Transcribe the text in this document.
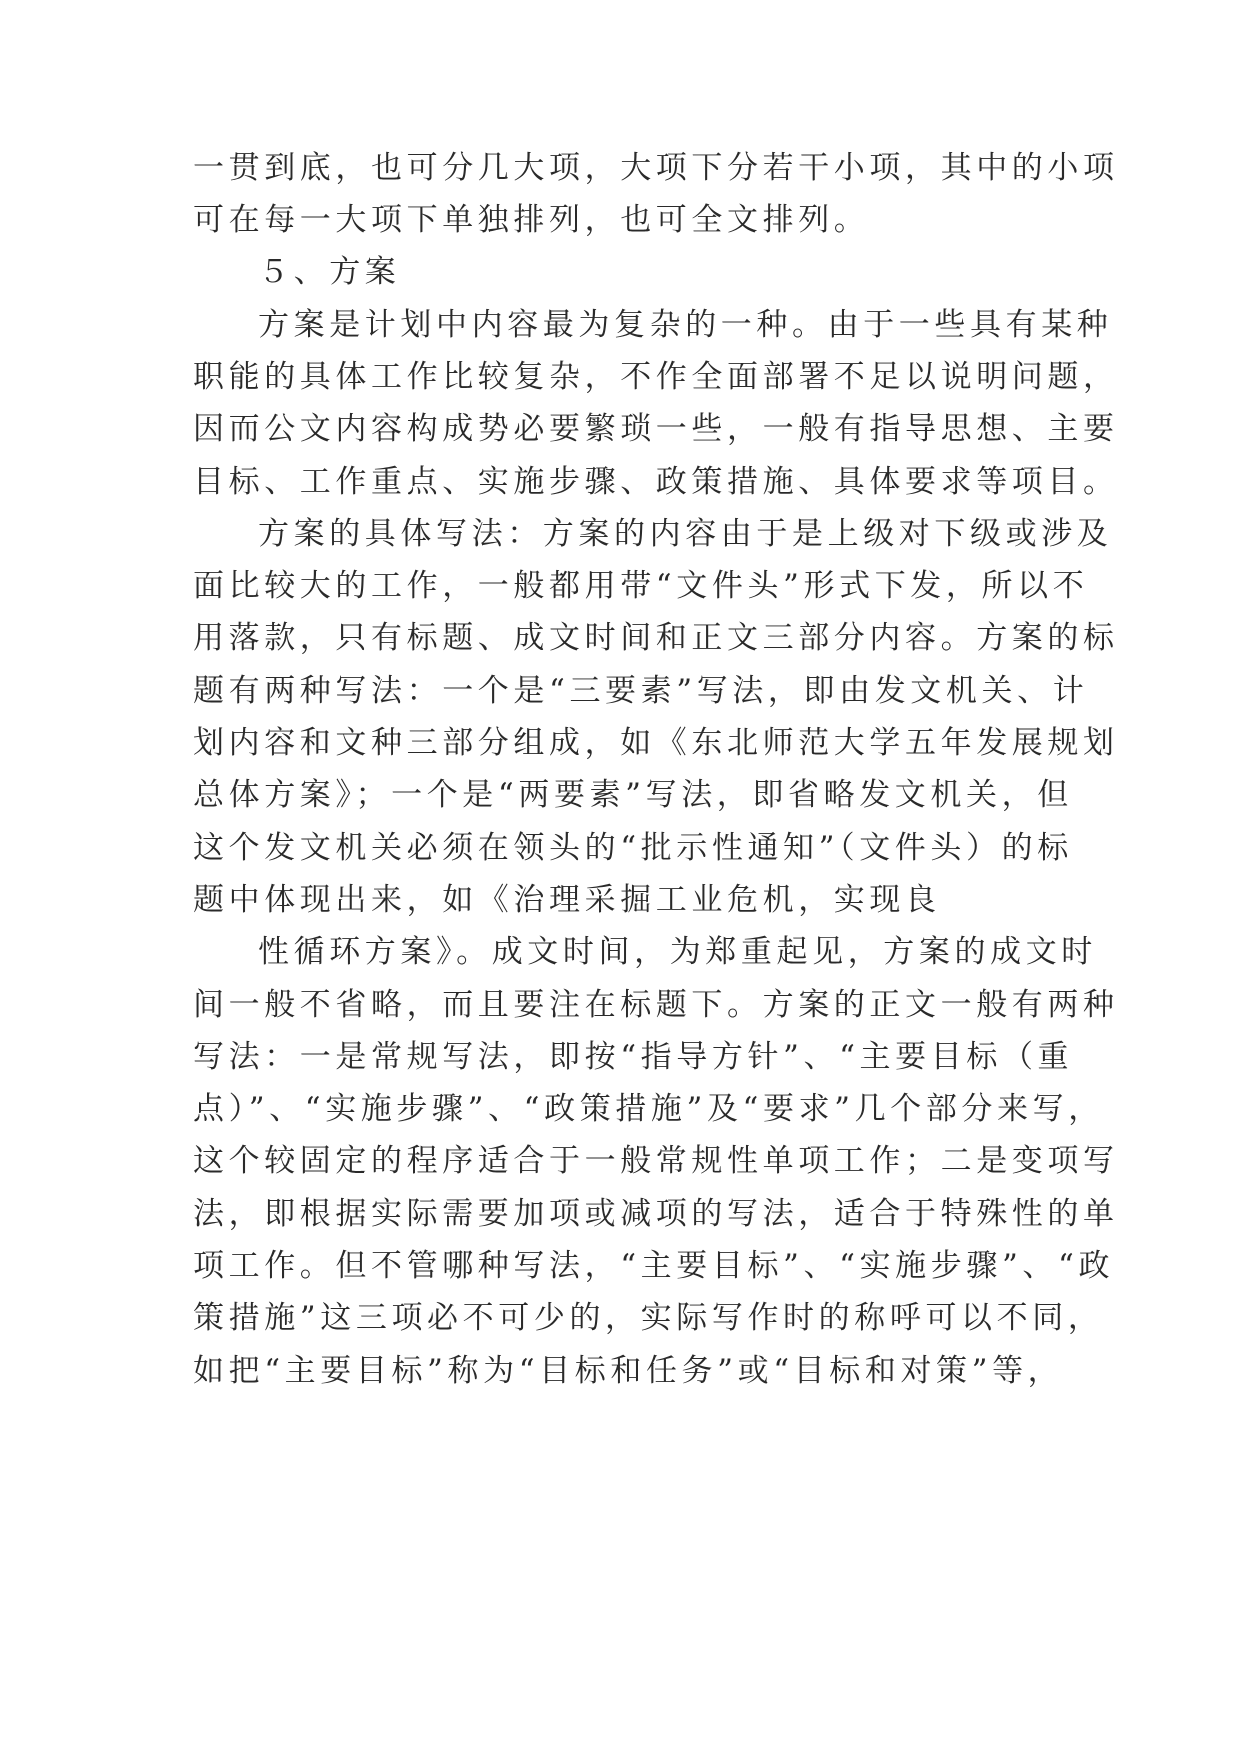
一贯到底，也可分几大项，大项下分若干小项，其中的小项
可在每一大项下单独排列，也可全文排列。
５、方案
方案是计划中内容最为复杂的一种。由于一些具有某种
职能的具体工作比较复杂，不作全面部署不足以说明问题，
因而公文内容构成势必要繁琐一些，一般有指导思想、主要
目标、工作重点、实施步骤、政策措施、具体要求等项目。
方案的具体写法：方案的内容由于是上级对下级或涉及
面比较大的工作，一般都用带“文件头”形式下发，所以不
用落款，只有标题、成文时间和正文三部分内容。方案的标
题有两种写法：一个是“三要素”写法，即由发文机关、计
划内容和文种三部分组成，如《东北师范大学五年发展规划
总体方案》；一个是“两要素”写法，即省略发文机关，但
这个发文机关必须在领头的“批示性通知”（文件头）的标
题中体现出来，如《治理采掘工业危机，实现良
性循环方案》。成文时间，为郑重起见，方案的成文时
间一般不省略，而且要注在标题下。方案的正文一般有两种
写法：一是常规写法，即按“指导方针”、“主要目标（重
点）”、“实施步骤”、“政策措施”及“要求”几个部分来写，
这个较固定的程序适合于一般常规性单项工作；二是变项写
法，即根据实际需要加项或减项的写法，适合于特殊性的单
项工作。但不管哪种写法，“主要目标”、“实施步骤”、“政
策措施”这三项必不可少的，实际写作时的称呼可以不同，
如把“主要目标”称为“目标和任务”或“目标和对策”等，
